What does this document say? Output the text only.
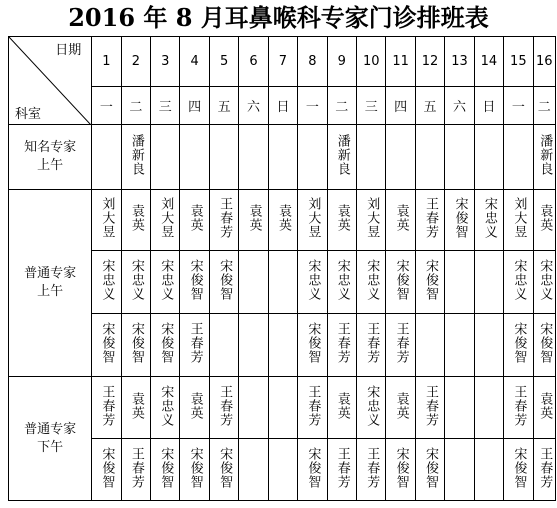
2016 年 8 月耳鼻喉科专家门诊排班表
日期
科室	1	2	3	4	5	6	7	8	9	10	11	12	13	14	15	16
	一	二	三	四	五	六	日	一	二	三	四	五	六	日	一	二
知名专家上午		潘新良							潘新良							潘新良
普通专家上午	刘大昱	袁英	刘大昱	袁英	王春芳	袁英	袁英	刘大昱	袁英	刘大昱	袁英	王春芳	宋俊智	宋忠义	刘大昱	袁英
	宋忠义	宋忠义	宋忠义	宋俊智	宋俊智			宋忠义	宋忠义	宋忠义	宋俊智	宋俊智			宋忠义	宋忠义
	宋俊智	宋俊智	宋俊智	王春芳				宋俊智	王春芳	王春芳	王春芳				宋俊智	宋俊智
普通专家下午	王春芳	袁英	宋忠义	袁英	王春芳			王春芳	袁英	宋忠义	袁英	王春芳			王春芳	袁英
	宋俊智	王春芳	宋俊智	宋俊智	宋俊智			宋俊智	王春芳	王春芳	宋俊智	宋俊智			宋俊智	王春芳
